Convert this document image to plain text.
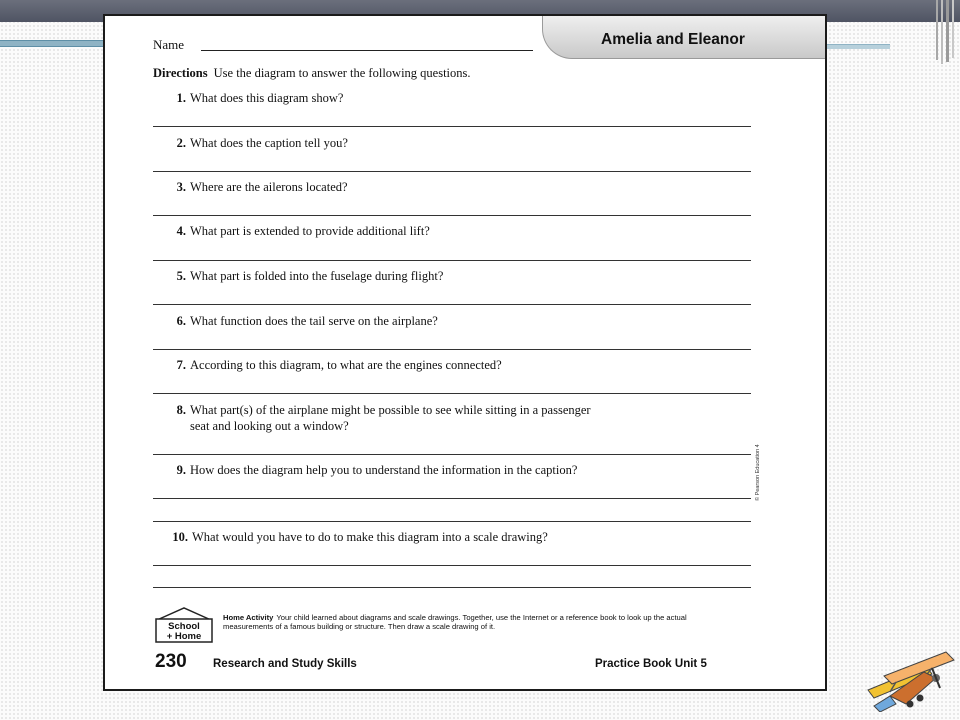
Amelia and Eleanor
Name
Directions Use the diagram to answer the following questions.
1. What does this diagram show?
2. What does the caption tell you?
3. Where are the ailerons located?
4. What part is extended to provide additional lift?
5. What part is folded into the fuselage during flight?
6. What function does the tail serve on the airplane?
7. According to this diagram, to what are the engines connected?
8. What part(s) of the airplane might be possible to see while sitting in a passenger
seat and looking out a window?
9. How does the diagram help you to understand the information in the caption?
10. What would you have to do to make this diagram into a scale drawing?
© Pearson Education 4
School
+ Home
Home Activity Your child learned about diagrams and scale drawings. Together, use the Internet or a reference book to look up the actual measurements of a famous building or structure. Then draw a scale drawing of it.
230 Research and Study Skills	Practice Book Unit 5
